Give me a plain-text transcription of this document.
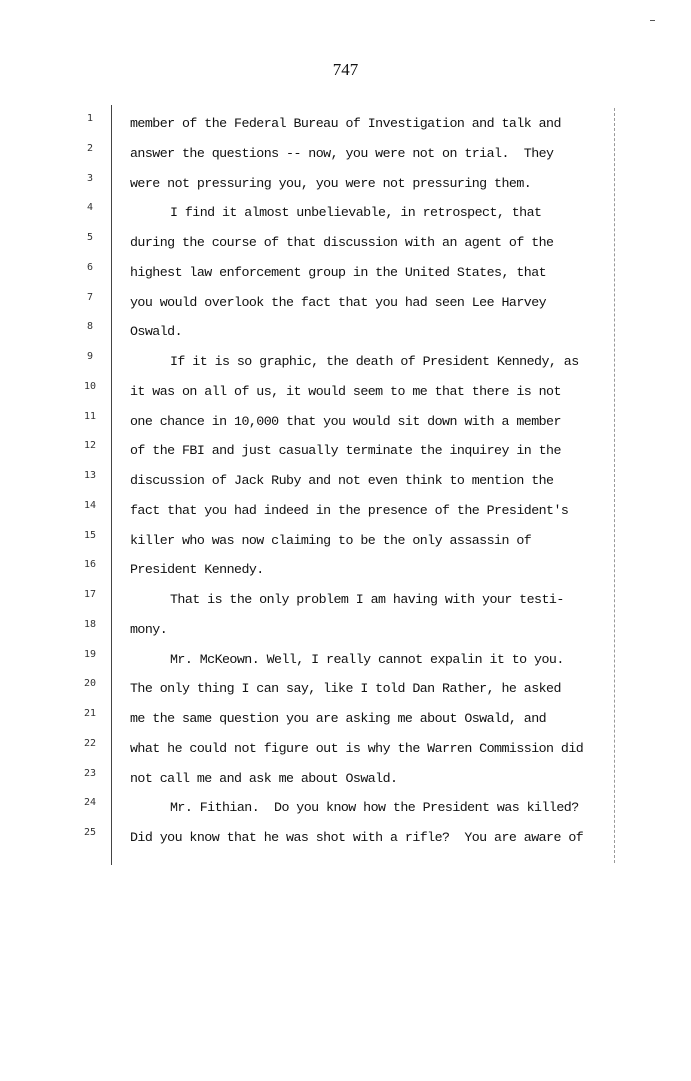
747
1
2
3
4
5
6
7
8
9
10
11
12
13
14
15
16
17
18
19
20
21
22
23
24
25
member of the Federal Bureau of Investigation and talk and
answer the questions -- now, you were not on trial.  They
were not pressuring you, you were not pressuring them.
I find it almost unbelievable, in retrospect, that
during the course of that discussion with an agent of the
highest law enforcement group in the United States, that
you would overlook the fact that you had seen Lee Harvey
Oswald.
If it is so graphic, the death of President Kennedy, as
it was on all of us, it would seem to me that there is not
one chance in 10,000 that you would sit down with a member
of the FBI and just casually terminate the inquirey in the
discussion of Jack Ruby and not even think to mention the
fact that you had indeed in the presence of the President's
killer who was now claiming to be the only assassin of
President Kennedy.
That is the only problem I am having with your testi-
mony.
Mr. McKeown. Well, I really cannot expalin it to you.
The only thing I can say, like I told Dan Rather, he asked
me the same question you are asking me about Oswald, and
what he could not figure out is why the Warren Commission did
not call me and ask me about Oswald.
Mr. Fithian.  Do you know how the President was killed?
Did you know that he was shot with a rifle?  You are aware of
